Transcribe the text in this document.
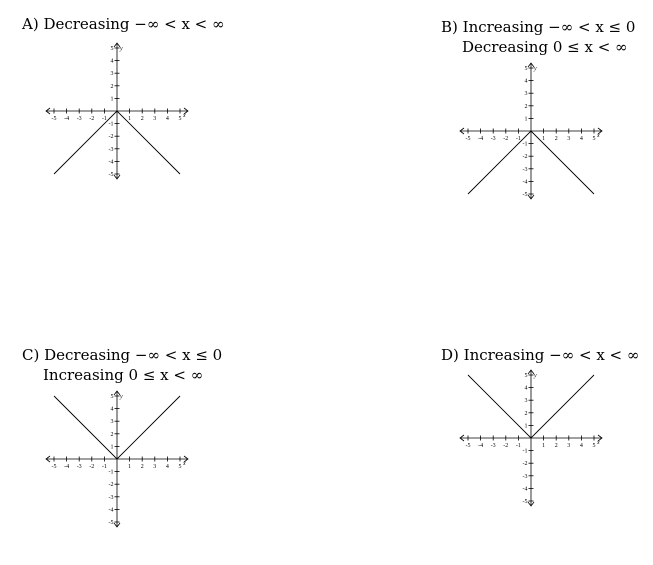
A) Decreasing −∞ < x < ∞
-5 -4 -3 -2 -1	1 2 3 4 5
5
4
3
2
1
-1
-2
-3
-4
-5
x
y
B) Increasing −∞ < x ≤ 0
Decreasing 0 ≤ x < ∞
-5 -4 -3 -2 -1	1 2 3 4 5
5
4
3
2
1
-1
-2
-3
-4
-5
x
y
C) Decreasing −∞ < x ≤ 0
Increasing 0 ≤ x < ∞
-5 -4 -3 -2 -1	1 2 3 4 5
5
4
3
2
1
-1
-2
-3
-4
-5
x
y
D) Increasing −∞ < x < ∞
-5 -4 -3 -2 -1	1 2 3 4 5
5
4
3
2
1
-1
-2
-3
-4
-5
x
y
